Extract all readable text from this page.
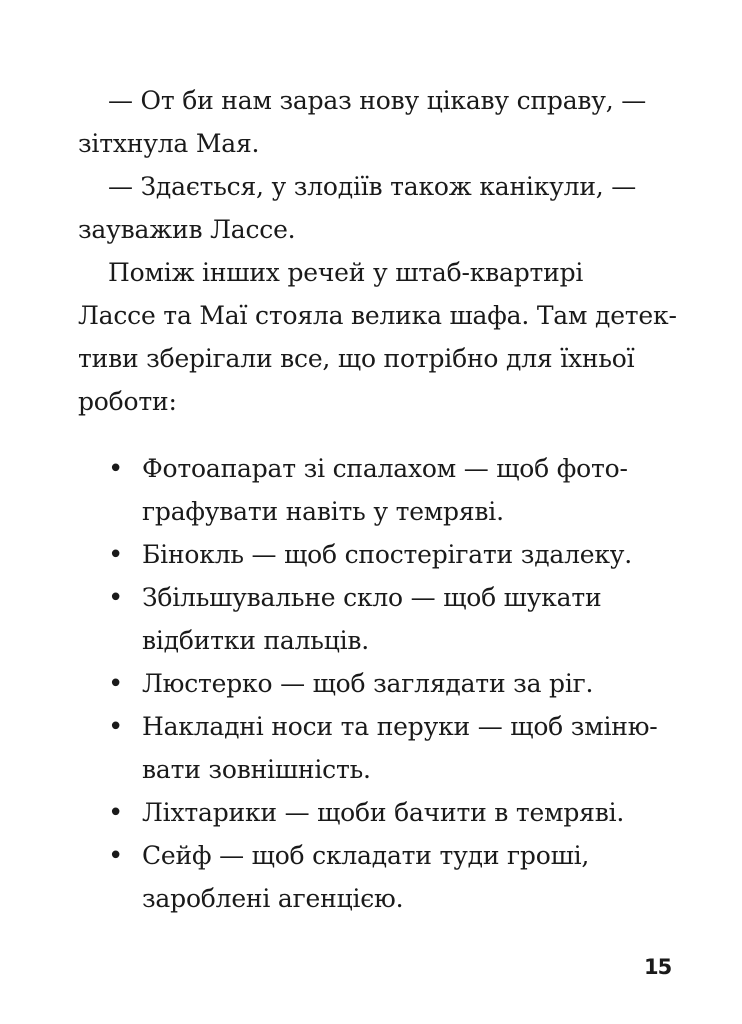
— От би нам зараз нову цікаву справу, —
зітхнула Мая.
— Здається, у злодіїв також канікули, —
зауважив Лассе.
Поміж інших речей у штаб-квартирі
Лассе та Маї стояла велика шафа. Там детек-
тиви зберігали все, що потрібно для їхньої
роботи:
• Фотоапарат зі спалахом — щоб фото-
графувати навіть у темряві.
• Бінокль — щоб спостерігати здалеку.
• Збільшувальне скло — щоб шукати
відбитки пальців.
• Люстерко — щоб заглядати за ріг.
• Накладні носи та перуки — щоб зміню-
вати зовнішність.
• Ліхтарики — щоби бачити в темряві.
• Сейф — щоб складати туди гроші,
зароблені агенцією.
15
